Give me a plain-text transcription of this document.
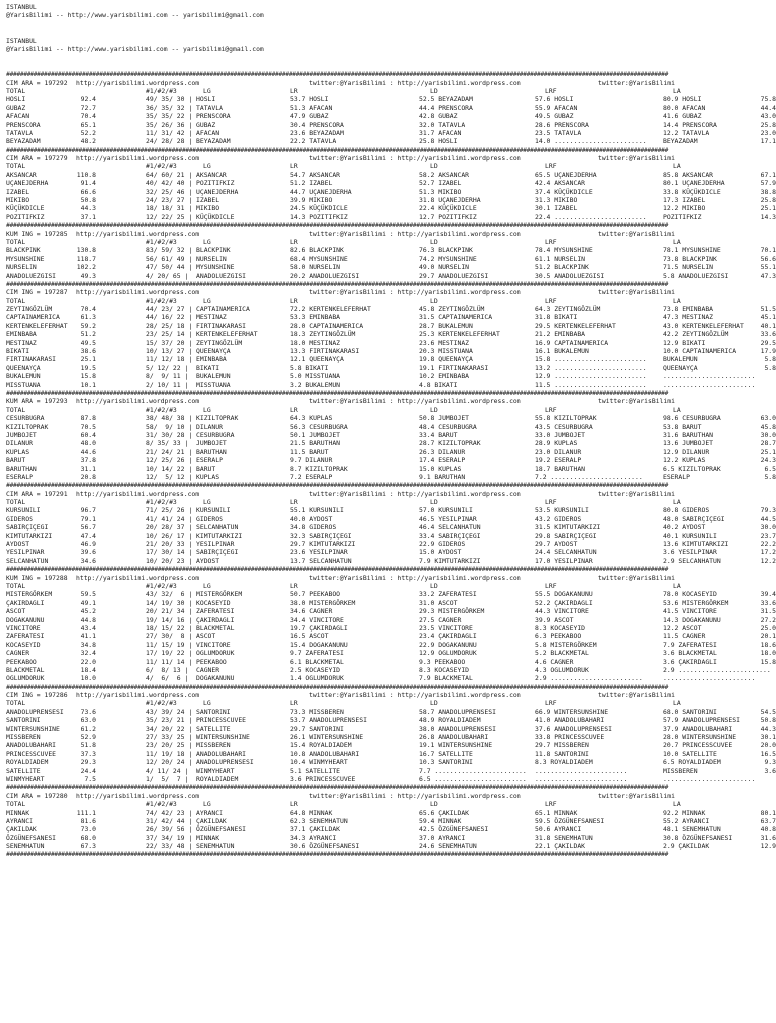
ISTANBUL
@YarisBilimi -- http://www.yarisbilimi.com -- yarisbilimi@gmail.com
ISTANBUL
@YarisBilimi -- http://www.yarisbilimi.com -- yarisbilimi@gmail.com
################################################################################################################################################################################################
CIM ARA = 197292 http://yarisbilimi.wordpress.com	twitter:@YarisBilimi : http://yarisbilimi.wordpress.com	twitter:@YarisBilimi
TOTAL	#1/#2/#3	LG	LR	LD	LRF	LA
HOSLI	92.4	49/ 35/ 30 | HOSLI	53.7 HOSLI	52.5 BEYAZADAM	57.6 HOSLI	80.9 HOSLI	75.8
GUBAZ	72.7	36/ 35/ 32 | TATAVLA	51.3 AFACAN	44.4 PRENSCORA	55.9 AFACAN	80.0 AFACAN	44.4
AFACAN	70.4	35/ 35/ 22 | PRENSCORA	47.9 GUBAZ	42.8 GUBAZ	49.5 GUBAZ	41.6 GUBAZ	43.0
PRENSCORA	65.1	35/ 26/ 36 | GUBAZ	30.4 PRENSCORA	32.0 TATAVLA	28.6 PRENSCORA	14.4 PRENSCORA	25.8
TATAVLA	52.2	11/ 31/ 42 | AFACAN	23.6 BEYAZADAM	31.7 AFACAN	23.5 TATAVLA	12.2 TATAVLA	23.0
BEYAZADAM	48.2	24/ 28/ 28 | BEYAZADAM	22.2 TATAVLA	25.8 HOSLI	14.0 ........................	BEYAZADAM	17.1
################################################################################################################################################################################################
CIM ARA = 197279 http://yarisbilimi.wordpress.com	twitter:@YarisBilimi : http://yarisbilimi.wordpress.com	twitter:@YarisBilimi
TOTAL	#1/#2/#3	LG	LR	LD	LRF	LA
AKSANCAR	110.8	64/ 60/ 21 | AKSANCAR	54.7 AKSANCAR	58.2 AKSANCAR	65.5 UÇANEJDERHA	85.8 AKSANCAR	67.1
UÇANEJDERHA	91.4	40/ 42/ 40 | POZITIFKIZ	51.2 IZABEL	52.7 IZABEL	42.4 AKSANCAR	80.1 UÇANEJDERHA	57.9
IZABEL	66.6	32/ 25/ 46 | UÇANEJDERHA	44.7 UÇANEJDERHA	51.3 MIKIBO	37.4 KÜÇÜKDICLE	33.8 KÜÇÜKDICLE	38.8
MIKIBO	50.8	24/ 23/ 27 | IZABEL	39.9 MIKIBO	31.8 UÇANEJDERHA	31.3 MIKIBO	17.3 IZABEL	25.8
KÜÇÜKDICLE	44.3	18/ 18/ 31 | MIKIBO	24.5 KÜÇÜKDICLE	22.4 KÜÇÜKDICLE	30.1 IZABEL	12.2 MIKIBO	25.1
POZITIFKIZ	37.1	12/ 22/ 25 | KÜÇÜKDICLE	14.3 POZITIFKIZ	12.7 POZITIFKIZ	22.4 ........................	POZITIFKIZ	14.3
################################################################################################################################################################################################
KUM ING = 197285 http://yarisbilimi.wordpress.com	twitter:@YarisBilimi : http://yarisbilimi.wordpress.com	twitter:@YarisBilimi
TOTAL	#1/#2/#3	LG	LR	LD	LRF	LA
BLACKPINK	130.8	83/ 59/ 32 | BLACKPINK	82.6 BLACKPINK	76.3 BLACKPINK	78.4 MYSUNSHINE	78.1 MYSUNSHINE	70.1
MYSUNSHINE	118.7	56/ 61/ 49 | NURSELIN	68.4 MYSUNSHINE	74.2 MYSUNSHINE	61.1 NURSELIN	73.8 BLACKPINK	56.6
NURSELIN	102.2	47/ 50/ 44 | MYSUNSHINE	58.0 NURSELIN	49.0 NURSELIN	51.2 BLACKPINK	71.5 NURSELIN	55.1
ANADOLUEZGISI	49.3	4/ 20/ 65 | ANADOLUEZGISI	20.2 ANADOLUEZGISI	29.7 ANADOLUEZGISI	30.5 ANADOLUEZGISI	5.8 ANADOLUEZGISI	47.3
################################################################################################################################################################################################
CIM ING = 197287 http://yarisbilimi.wordpress.com	twitter:@YarisBilimi : http://yarisbilimi.wordpress.com	twitter:@YarisBilimi
TOTAL	#1/#2/#3	LG	LR	LD	LRF	LA
ZEYTINGÖZLÜM	70.4	44/ 23/ 27 | CAPTAINAMERICA	72.2 KERTENKELEFERHAT	45.8 ZEYTINGÖZLÜM	64.3 ZEYTINGÖZLÜM	73.8 EMINBABA	51.5
CAPTAINAMERICA	61.3	44/ 16/ 22 | MESTINAZ	53.3 EMINBABA	31.5 CAPTAINAMERICA	31.8 BIKATI	47.3 MESTINAZ	45.1
KERTENKELEFERHAT 59.2	28/ 25/ 18 | FIRTINAKARASI	28.0 CAPTAINAMERICA	28.7 BUKALEMUN	29.5 KERTENKELEFERHAT	43.0 KERTENKELEFERHAT	40.1
EMINBABA	51.2	23/ 25/ 14 | KERTENKELEFERHAT	18.3 ZEYTINGÖZLÜM	25.3 KERTENKELEFERHAT	21.2 EMINBABA	42.2 ZEYTINGÖZLÜM	33.6
MESTINAZ	49.5	15/ 37/ 20 | ZEYTINGÖZLÜM	18.0 MESTINAZ	23.6 MESTINAZ	16.9 CAPTAINAMERICA	12.9 BIKATI	29.5
BIKATI	38.6	10/ 13/ 27 | QUEENAYÇA	13.3 FIRTINAKARASI	20.3 MISSTUANA	16.1 BUKALEMUN	10.0 CAPTAINAMERICA	17.9
FIRTINAKARASI	25.1	11/ 12/ 18 | EMINBABA	12.1 QUEENAYÇA	19.8 QUEENAYÇA	15.8 ........................	BUKALEMUN	5.8
QUEENAYÇA	19.5	5/ 12/ 22 | BIKATI	5.8 BIKATI	19.1 FIRTINAKARASI	13.2 ........................	QUEENAYÇA	5.8
BUKALEMUN	15.8	8/  9/ 11 | BUKALEMUN	5.0 MISSTUANA	10.2 EMINBABA	12.9 ........................	........................
MISSTUANA	10.1	2/ 10/ 11 | MISSTUANA	3.2 BUKALEMUN	4.8 BIKATI	11.5 ........................	........................
################################################################################################################################################################################################
KUM ARA = 197293 http://yarisbilimi.wordpress.com	twitter:@YarisBilimi : http://yarisbilimi.wordpress.com	twitter:@YarisBilimi
TOTAL	#1/#2/#3	LG	LR	LD	LRF	LA
CESURBUGRA	87.8	38/ 48/ 38 | KIZILTOPRAK	64.3 KUPLAS	50.8 JUMBOJET	55.8 KIZILTOPRAK	98.6 CESURBUGRA	63.0
KIZILTOPRAK	70.5	58/  9/ 10 | DILANUR	56.3 CESURBUGRA	48.4 CESURBUGRA	43.5 CESURBUGRA	53.8 BARUT	45.8
JUMBOJET	60.4	31/ 30/ 28 | CESURBUGRA	50.1 JUMBOJET	33.4 BARUT	33.0 JUMBOJET	31.6 BARUTHAN	30.0
DILANUR	48.0	8/ 35/ 33 | JUMBOJET	21.5 BARUTHAN	28.7 KIZILTOPRAK	28.9 KUPLAS	13.6 JUMBOJET	28.7
KUPLAS	44.6	21/ 24/ 21 | BARUTHAN	11.5 BARUT	26.3 DILANUR	23.0 DILANUR	12.9 DILANUR	25.1
BARUT	37.8	12/ 25/ 26 | ESERALP	9.7 DILANUR	17.4 ESERALP	19.2 ESERALP	12.2 KUPLAS	24.3
BARUTHAN	31.1	10/ 14/ 22 | BARUT	8.7 KIZILTOPRAK	15.0 KUPLAS	18.7 BARUTHAN	6.5 KIZILTOPRAK	6.5
ESERALP	20.8	12/  5/ 12 | KUPLAS	7.2 ESERALP	9.1 BARUTHAN	7.2 ........................	ESERALP	5.8
################################################################################################################################################################################################
CIM ARA = 197291 http://yarisbilimi.wordpress.com	twitter:@YarisBilimi : http://yarisbilimi.wordpress.com	twitter:@YarisBilimi
TOTAL	#1/#2/#3	LG	LR	LD	LRF	LA
KURSUNILI	96.7	71/ 25/ 26 | KURSUNILI	55.1 KURSUNILI	57.0 KURSUNILI	53.5 KURSUNILI	80.8 GIDEROS	79.3
GIDEROS	79.1	41/ 41/ 24 | GIDEROS	40.0 AYDOST	46.5 YESILPINAR	43.2 GIDEROS	48.0 SABIRÇIÇEGI	44.5
SABIRÇIÇEGI	56.7	20/ 28/ 37 | SELCANHATUN	34.8 GIDEROS	46.4 SELCANHATUN	31.5 KIMTUTARKIZI	40.2 AYDOST	30.0
KIMTUTARKIZI	47.4	10/ 26/ 17 | KIMTUTARKIZI	32.3 SABIRÇIÇEGI	33.4 SABIRÇIÇEGI	29.8 SABIRÇIÇEGI	40.1 KURSUNILI	23.7
AYDOST	46.9	21/ 20/ 33 | YESILPINAR	29.7 KIMTUTARKIZI	22.9 GIDEROS	29.7 AYDOST	13.6 KIMTUTARKIZI	22.2
YESILPINAR	39.6	17/ 30/ 14 | SABIRÇIÇEGI	23.6 YESILPINAR	15.0 AYDOST	24.4 SELCANHATUN	3.6 YESILPINAR	17.2
SELCANHATUN	34.6	10/ 20/ 23 | AYDOST	13.7 SELCANHATUN	7.9 KIMTUTARKIZI	17.0 YESILPINAR	2.9 SELCANHATUN	12.2
################################################################################################################################################################################################
KUM ING = 197288 http://yarisbilimi.wordpress.com	twitter:@YarisBilimi : http://yarisbilimi.wordpress.com	twitter:@YarisBilimi
TOTAL	#1/#2/#3	LG	LR	LD	LRF	LA
MISTERGÖRKEM	59.5	43/ 32/  6 | MISTERGÖRKEM	50.7 PEEKABOO	33.2 ZAFERATESI	55.5 DOGAKANUNU	78.0 KOCASEYID	39.4
ÇAKIRDAGLI	49.1	14/ 19/ 30 | KOCASEYID	38.0 MISTERGÖRKEM	31.0 ASCOT	52.2 ÇAKIRDAGLI	53.6 MISTERGÖRKEM	33.6
ASCOT	45.2	20/ 21/ 34 | ZAFERATESI	34.6 CAGNER	29.3 MISTERGÖRKEM	44.3 VINCITORE	41.5 VINCITORE	31.5
DOGAKANUNU	44.8	19/ 14/ 16 | ÇAKIRDAGLI	34.4 VINCITORE	27.5 CAGNER	39.9 ASCOT	14.3 DOGAKANUNU	27.2
VINCITORE	43.4	18/ 15/ 22 | BLACKMETAL	19.7 ÇAKIRDAGLI	23.5 VINCITORE	8.3 KOCASEYID	12.2 ASCOT	25.0
ZAFERATESI	41.1	27/ 30/  8 | ASCOT	16.5 ASCOT	23.4 ÇAKIRDAGLI	6.3 PEEKABOO	11.5 CAGNER	20.1
KOCASEYID	34.8	11/ 15/ 19 | VINCITORE	15.4 DOGAKANUNU	22.9 DOGAKANUNU	5.8 MISTERGÖRKEM	7.9 ZAFERATESI	18.6
CAGNER	32.4	17/ 19/ 22 | OGLUMDORUK	9.7 ZAFERATESI	12.9 OGLUMDORUK	5.2 BLACKMETAL	3.6 BLACKMETAL	18.0
PEEKABOO	22.0	11/ 11/ 14 | PEEKABOO	6.1 BLACKMETAL	9.3 PEEKABOO	4.6 CAGNER	3.6 ÇAKIRDAGLI	15.8
BLACKMETAL	18.4	6/  8/ 13 | CAGNER	2.5 KOCASEYID	8.3 KOCASEYID	4.3 OGLUMDORUK	2.9 ........................
OGLUMDORUK	10.0	4/  6/  6 | DOGAKANUNU	1.4 OGLUMDORUK	7.9 BLACKMETAL	2.9 ........................	........................
################################################################################################################################################################################################
CIM ING = 197286 http://yarisbilimi.wordpress.com	twitter:@YarisBilimi : http://yarisbilimi.wordpress.com	twitter:@YarisBilimi
TOTAL	#1/#2/#3	LG	LR	LD	LRF	LA
ANADOLUPRENSESI	73.6	43/ 39/ 24 | SANTORINI	73.3 MISSBEREN	58.7 ANADOLUPRENSESI	66.9 WINTERSUNSHINE	68.0 SANTORINI	54.5
SANTORINI	63.0	35/ 23/ 21 | PRINCESSCUVEE	53.7 ANADOLUPRENSESI	48.9 ROYALDIADEM	41.0 ANADOLUBAHARI	57.9 ANADOLUPRENSESI	50.8
WINTERSUNSHINE	61.2	34/ 20/ 22 | SATELLITE	29.7 SANTORINI	38.0 ANADOLUPRENSESI	37.6 ANADOLUPRENSESI	37.9 ANADOLUBAHARI	44.3
MISSBEREN	52.9	27/ 33/ 25 | WINTERSUNSHINE	26.1 WINTERSUNSHINE	26.8 ANADOLUBAHARI	33.8 PRINCESSCUVEE	28.0 WINTERSUNSHINE	30.1
ANADOLUBAHARI	51.8	23/ 20/ 25 | MISSBEREN	15.4 ROYALDIADEM	19.1 WINTERSUNSHINE	29.7 MISSBEREN	20.7 PRINCESSCUVEE	20.0
PRINCESSCUVEE	37.3	11/ 19/ 18 | ANADOLUBAHARI	10.8 ANADOLUBAHARI	16.7 SATELLITE	11.8 SANTORINI	10.0 SATELLITE	16.5
ROYALDIADEM	29.3	12/ 20/ 24 | ANADOLUPRENSESI	10.4 WINMYHEART	10.3 SANTORINI	8.3 ROYALDIADEM	6.5 ROYALDIADEM	9.3
SATELLITE	24.4	4/ 11/ 24 | WINMYHEART	5.1 SATELLITE	7.7 ........................ ........................	MISSBEREN	3.6
WINMYHEART	7.5	1/  5/  7 | ROYALDIADEM	3.6 PRINCESSCUVEE	6.5 ........................ ........................	........................
################################################################################################################################################################################################
CIM ARA = 197280 http://yarisbilimi.wordpress.com	twitter:@YarisBilimi : http://yarisbilimi.wordpress.com	twitter:@YarisBilimi
TOTAL	#1/#2/#3	LG	LR	LD	LRF	LA
MINNAK	111.1	74/ 42/ 23 | AYRANCI	64.8 MINNAK	65.6 ÇAKILDAK	65.1 MINNAK	92.2 MINNAK	80.1
AYRANCI	81.6	31/ 42/ 44 | ÇAKILDAK	62.3 SENEMHATUN	59.4 MINNAK	59.5 ÖZGÜNEFSANESI	55.2 AYRANCI	63.7
ÇAKILDAK	73.0	26/ 39/ 56 | ÖZGÜNEFSANESI	37.1 ÇAKILDAK	42.5 ÖZGÜNEFSANESI	50.6 AYRANCI	48.1 SENEMHATUN	40.8
ÖZGÜNEFSANESI	68.0	37/ 34/ 19 | MINNAK	34.3 AYRANCI	37.0 AYRANCI	31.8 SENEMHATUN	30.8 ÖZGÜNEFSANESI	31.6
SENEMHATUN	67.3	22/ 33/ 48 | SENEMHATUN	30.6 ÖZGÜNEFSANESI	24.6 SENEMHATUN	22.1 ÇAKILDAK	2.9 ÇAKILDAK	12.9
################################################################################################################################################################################################
